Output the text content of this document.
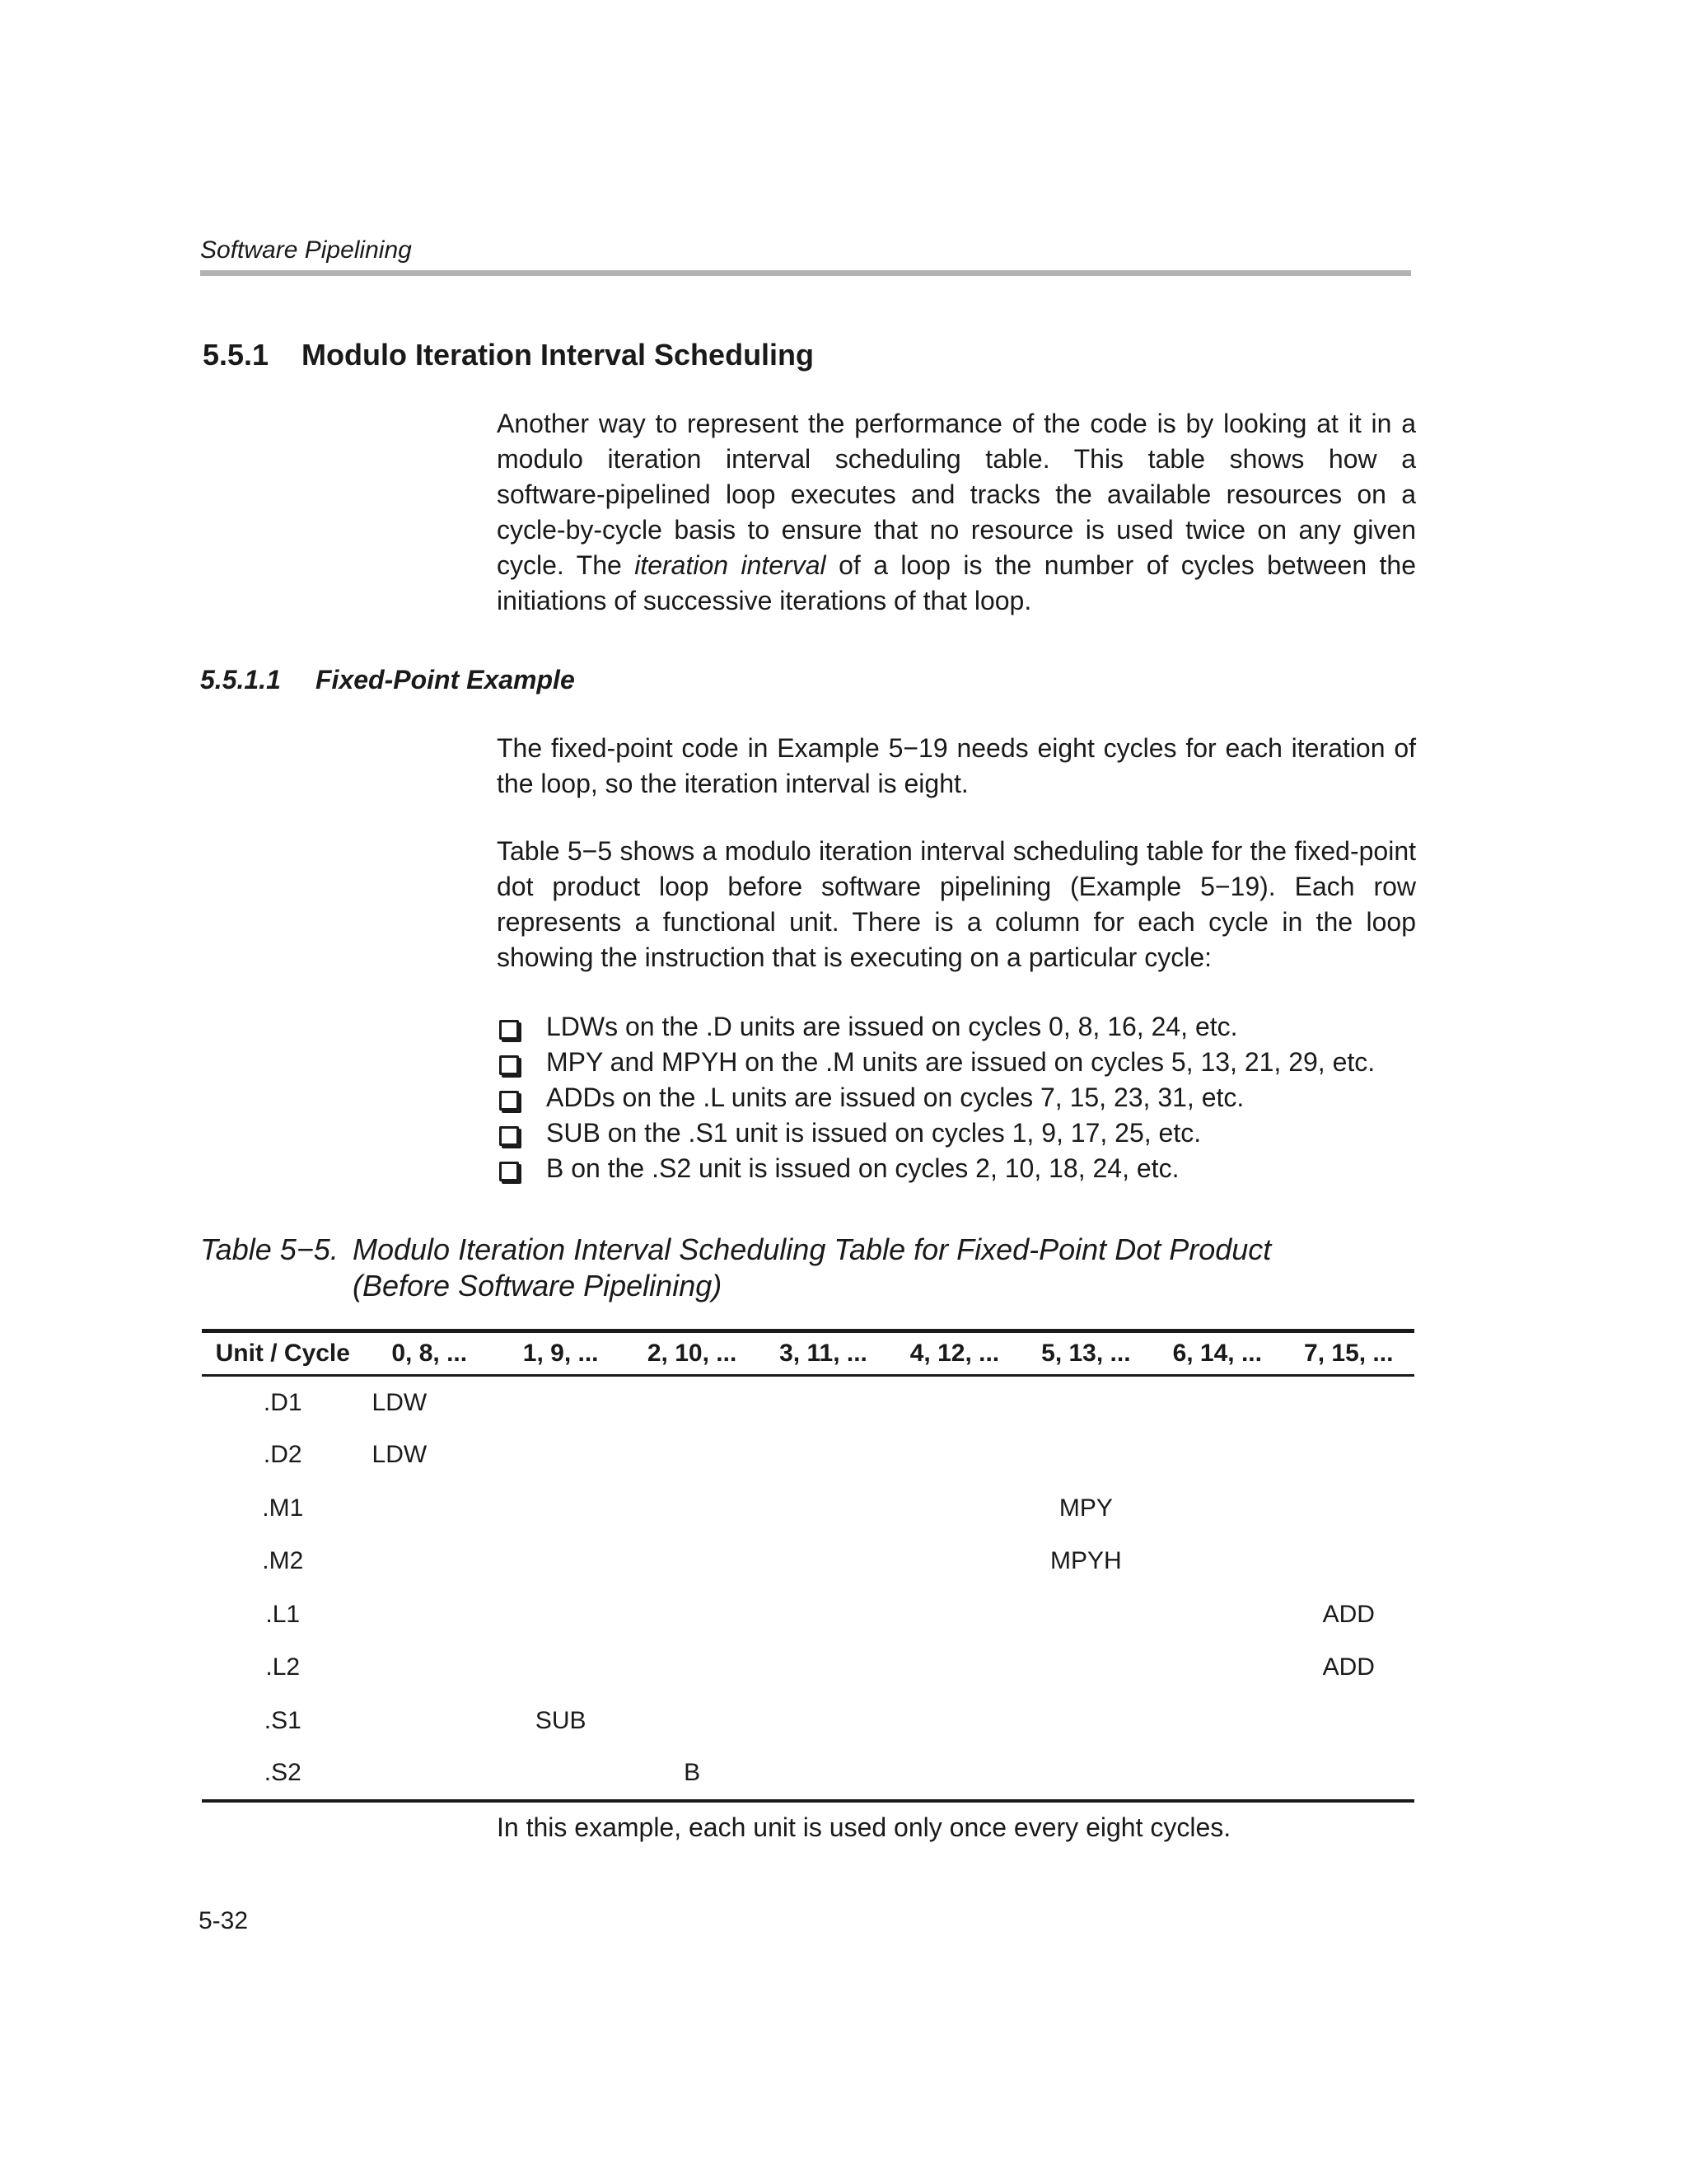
Software Pipelining
5.5.1 Modulo Iteration Interval Scheduling

Another way to represent the performance of the code is by looking at it in a
modulo iteration interval scheduling table. This table shows how a
software-pipelined loop executes and tracks the available resources on a
cycle-by-cycle basis to ensure that no resource is used twice on any given
cycle. The iteration interval of a loop is the number of cycles between the
initiations of successive iterations of that loop.

5.5.1.1 Fixed-Point Example

The fixed-point code in Example 5−19 needs eight cycles for each iteration of
the loop, so the iteration interval is eight.

Table 5−5 shows a modulo iteration interval scheduling table for the fixed-point
dot product loop before software pipelining (Example 5−19). Each row
represents a functional unit. There is a column for each cycle in the loop
showing the instruction that is executing on a particular cycle:

LDWs on the .D units are issued on cycles 0, 8, 16, 24, etc.
MPY and MPYH on the .M units are issued on cycles 5, 13, 21, 29, etc.
ADDs on the .L units are issued on cycles 7, 15, 23, 31, etc.
SUB on the .S1 unit is issued on cycles 1, 9, 17, 25, etc.
B on the .S2 unit is issued on cycles 2, 10, 18, 24, etc.
Table 5−5. Modulo Iteration Interval Scheduling Table for Fixed-Point Dot Product
(Before Software Pipelining)
Unit / Cycle	0, 8, ...	1, 9, ...	2, 10, ...	3, 11, ...	4, 12, ...	5, 13, ...	6, 14, ...	7, 15, ...
.D1	LDW							
.D2	LDW							
.M1						MPY		
.M2						MPYH		
.L1								ADD
.L2								ADD
.S1		SUB						
.S2			B					
In this example, each unit is used only once every eight cycles.
5-32
